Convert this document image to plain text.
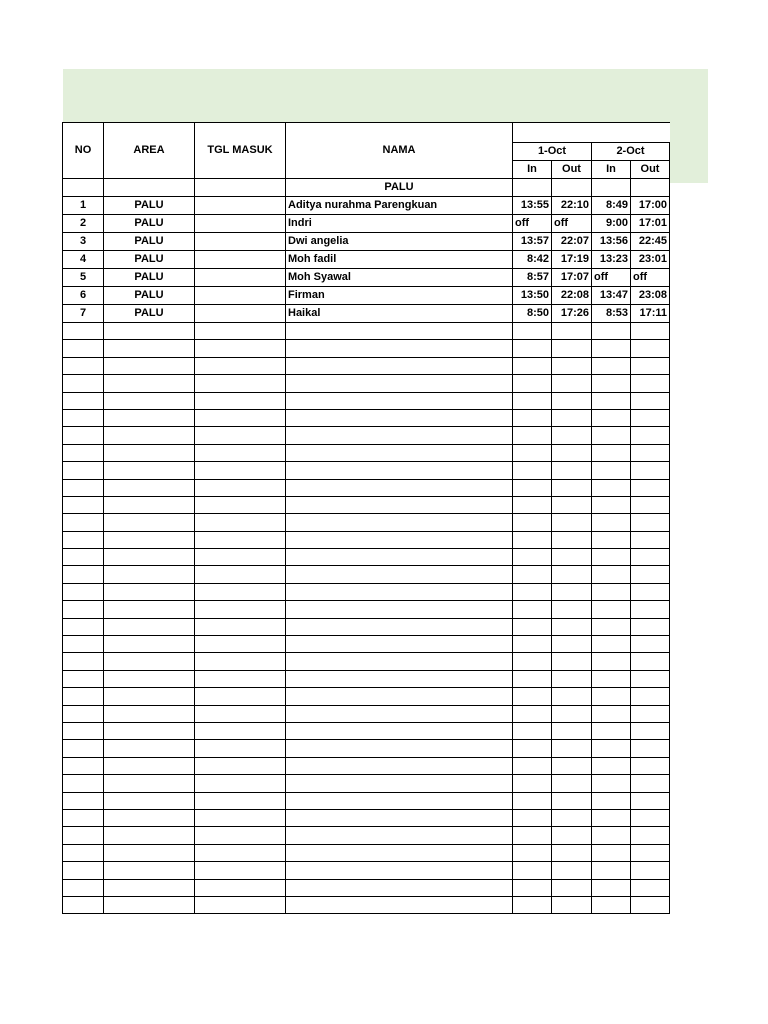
NO	AREA	TGL MASUK	NAMA				
				1-Oct		2-Oct	
				In	Out	In	Out
			PALU				
1	PALU		Aditya nurahma Parengkuan	13:55	22:10	8:49	17:00
2	PALU		Indri	off	off	9:00	17:01
3	PALU		Dwi angelia	13:57	22:07	13:56	22:45
4	PALU		Moh fadil	8:42	17:19	13:23	23:01
5	PALU		Moh Syawal	8:57	17:07	off	off
6	PALU		Firman	13:50	22:08	13:47	23:08
7	PALU		Haikal	8:50	17:26	8:53	17:11
